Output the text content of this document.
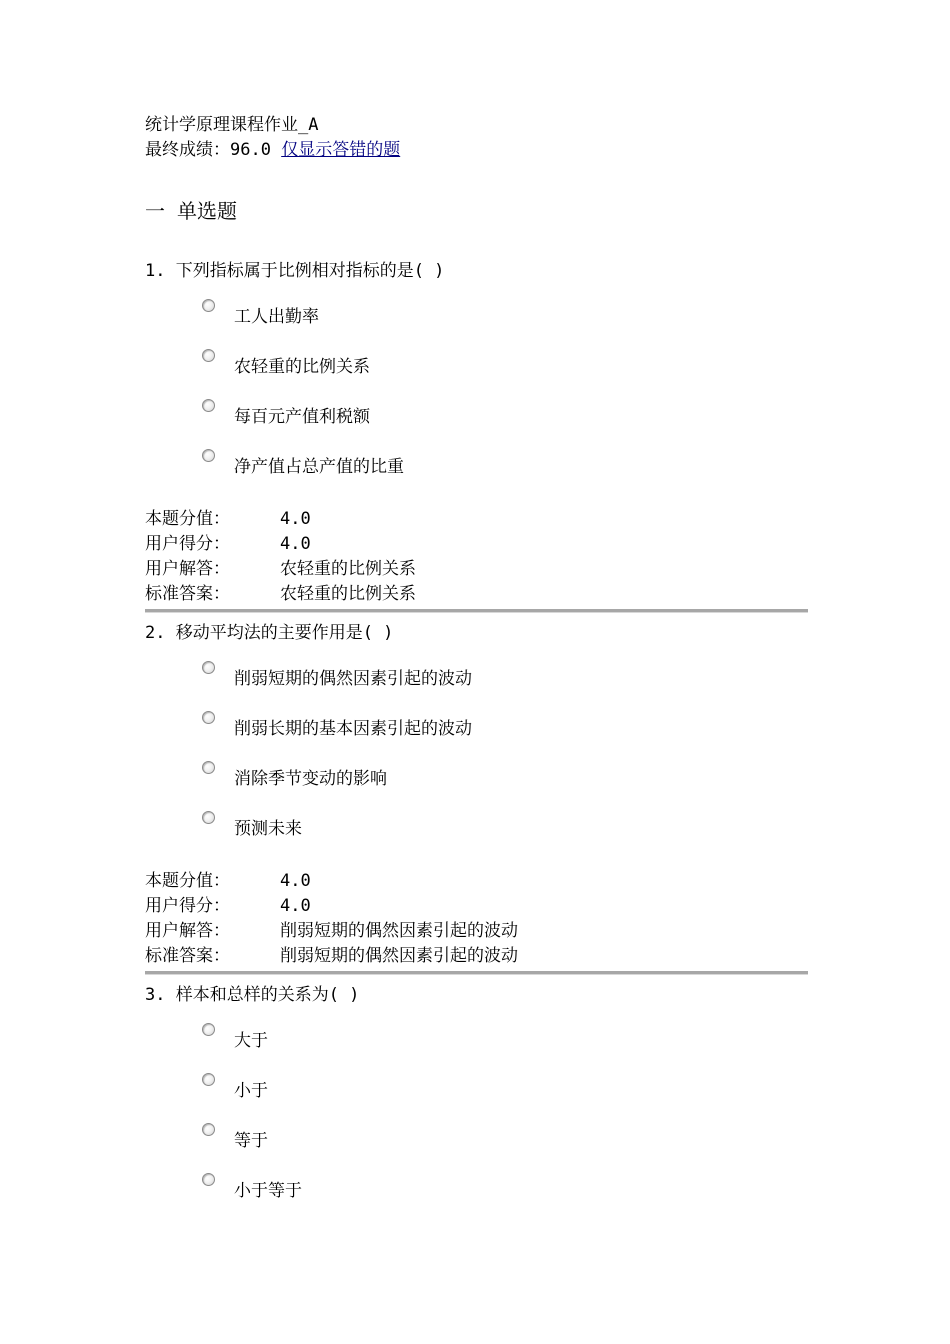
统计学原理课程作业_A
最终成绩：96.0 仅显示答错的题
一 单选题
1. 下列指标属于比例相对指标的是( )
工人出勤率
农轻重的比例关系
每百元产值利税额
净产值占总产值的比重
本题分值：	4.0
用户得分：	4.0
用户解答：	农轻重的比例关系
标准答案：	农轻重的比例关系
2. 移动平均法的主要作用是( )
削弱短期的偶然因素引起的波动
削弱长期的基本因素引起的波动
消除季节变动的影响
预测未来
本题分值：	4.0
用户得分：	4.0
用户解答：	削弱短期的偶然因素引起的波动
标准答案：	削弱短期的偶然因素引起的波动
3. 样本和总样的关系为( )
大于
小于
等于
小于等于
